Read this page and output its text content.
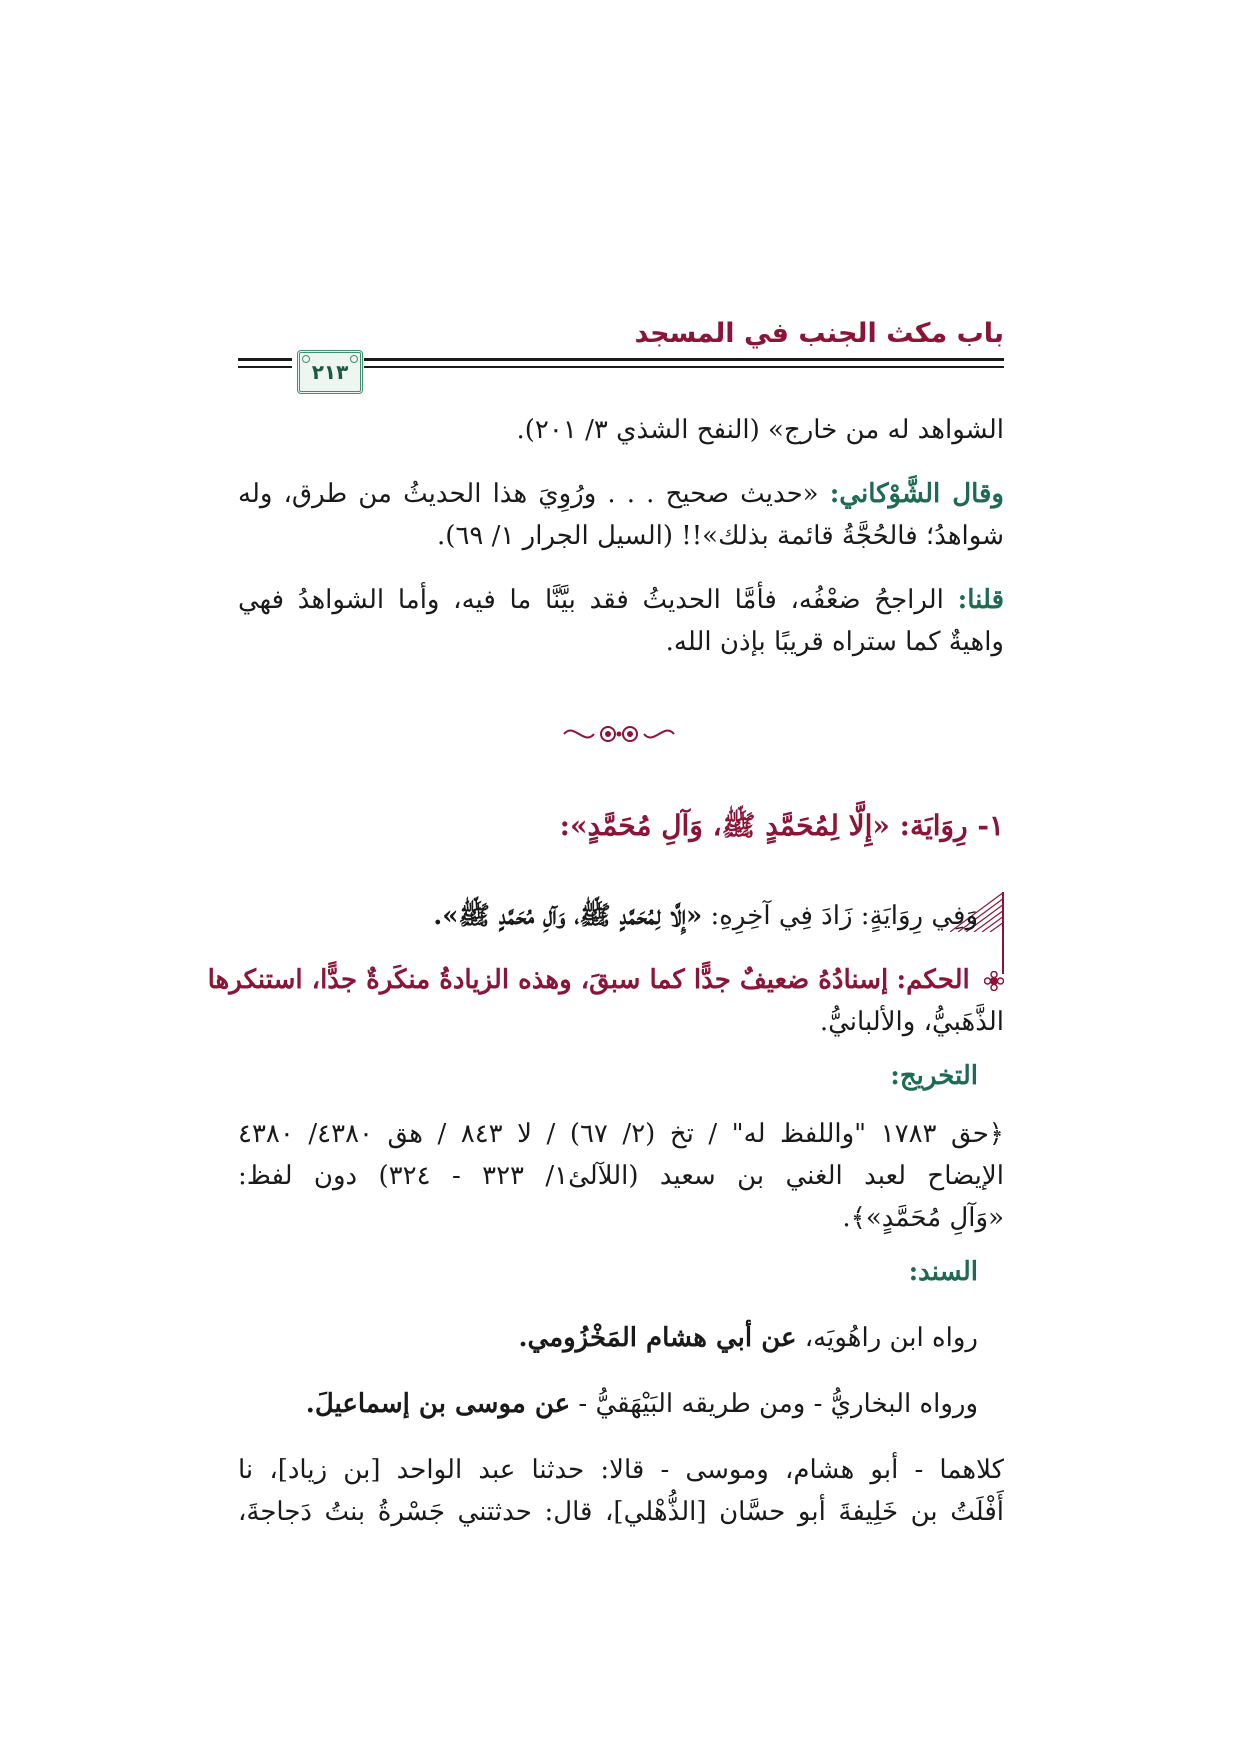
باب مكث الجنب في المسجد
٢١٣
الشواهد له من خارج» (النفح الشذي ٣/ ٢٠١).
وقال الشَّوْكاني: «حديث صحيح . . . ورُوِيَ هذا الحديثُ من طرق، وله
شواهدُ؛ فالحُجَّةُ قائمة بذلك»!! (السيل الجرار ١/ ٦٩).
قلنا: الراجحُ ضعْفُه، فأمَّا الحديثُ فقد بيَّنَّا ما فيه، وأما الشواهدُ فهي
واهيةٌ كما ستراه قريبًا بإذن الله.
١- رِوَايَة: «إِلَّا لِمُحَمَّدٍ ﷺ، وَآلِ مُحَمَّدٍ»:
وَفِي رِوَايَةٍ: زَادَ فِي آخِرِهِ: «إِلَّا لِمُحَمَّدٍ ﷺ، وَآلِ مُحَمَّدٍ ﷺ».
الحكم: إسنادُهُ ضعيفٌ جدًّا كما سبقَ، وهذه الزيادةُ منكَرةٌ جدًّا، استنكرها
الذَّهَبيُّ، والألبانيُّ.
التخريج:
﴿حق ١٧٨٣ "واللفظ له" / تخ (٢/ ٦٧) / لا ٨٤٣ / هق ٤٣٨٠/ ٤٣٨٠
الإيضاح لعبد الغني بن سعيد (اللآلئ١/ ٣٢٣ - ٣٢٤) دون لفظ:
«وَآلِ مُحَمَّدٍ»﴾.
السند:
رواه ابن راهُويَه، عن أبي هشام المَخْزُومي.
ورواه البخاريُّ - ومن طريقه البَيْهَقيُّ - عن موسى بن إسماعيلَ.
كلاهما - أبو هشام، وموسى - قالا: حدثنا عبد الواحد [بن زياد]، نا
أَفْلَتُ بن خَلِيفةَ أبو حسَّان [الذُّهْلي]، قال: حدثتني جَسْرةُ بنتُ دَجاجةَ،
